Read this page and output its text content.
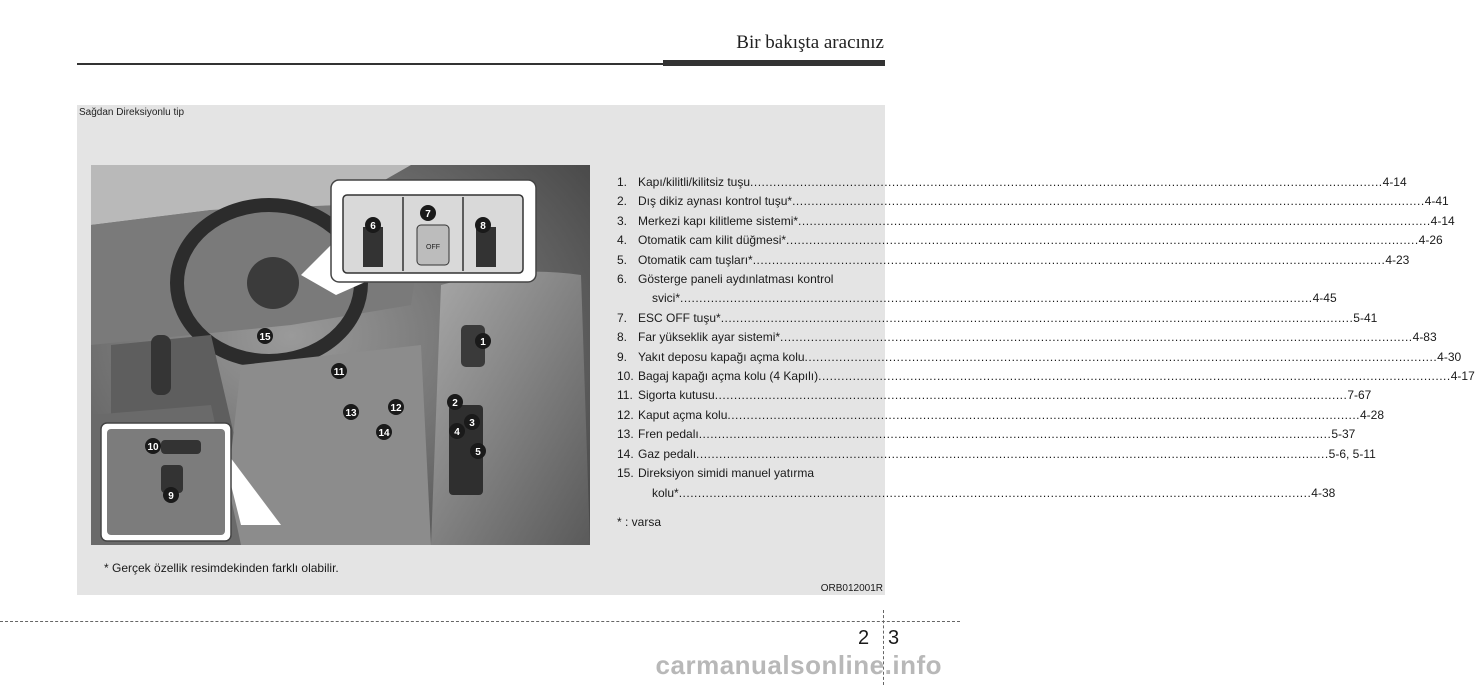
Bir bakışta aracınız
Sağdan Direksiyonlu tip
OFF
6
7
8
1
2
3
4
5
9
10
11
12
13
14
15
1. Kapı/kilitli/kilitsiz tuşu .....	4-14
2. Dış dikiz aynası kontrol tuşu* .....	4-41
3. Merkezi kapı kilitleme sistemi* .....	4-14
4. Otomatik cam kilit düğmesi* .....	4-26
5. Otomatik cam tuşları* .....	4-23
6. Gösterge paneli aydınlatması kontrol
svici* .....	4-45
7. ESC OFF tuşu* .....	5-41
8. Far yükseklik ayar sistemi* .....	4-83
9. Yakıt deposu kapağı açma kolu .....	4-30
10. Bagaj kapağı açma kolu (4 Kapılı) .....	4-17
11. Sigorta kutusu .....	7-67
12. Kaput açma kolu .....	4-28
13. Fren pedalı .....	5-37
14. Gaz pedalı .....	5-6, 5-11
15. Direksiyon simidi manuel yatırma
kolu* .....	4-38
* : varsa
* Gerçek özellik resimdekinden farklı olabilir.
ORB012001R
2 3
carmanualsonline.info
